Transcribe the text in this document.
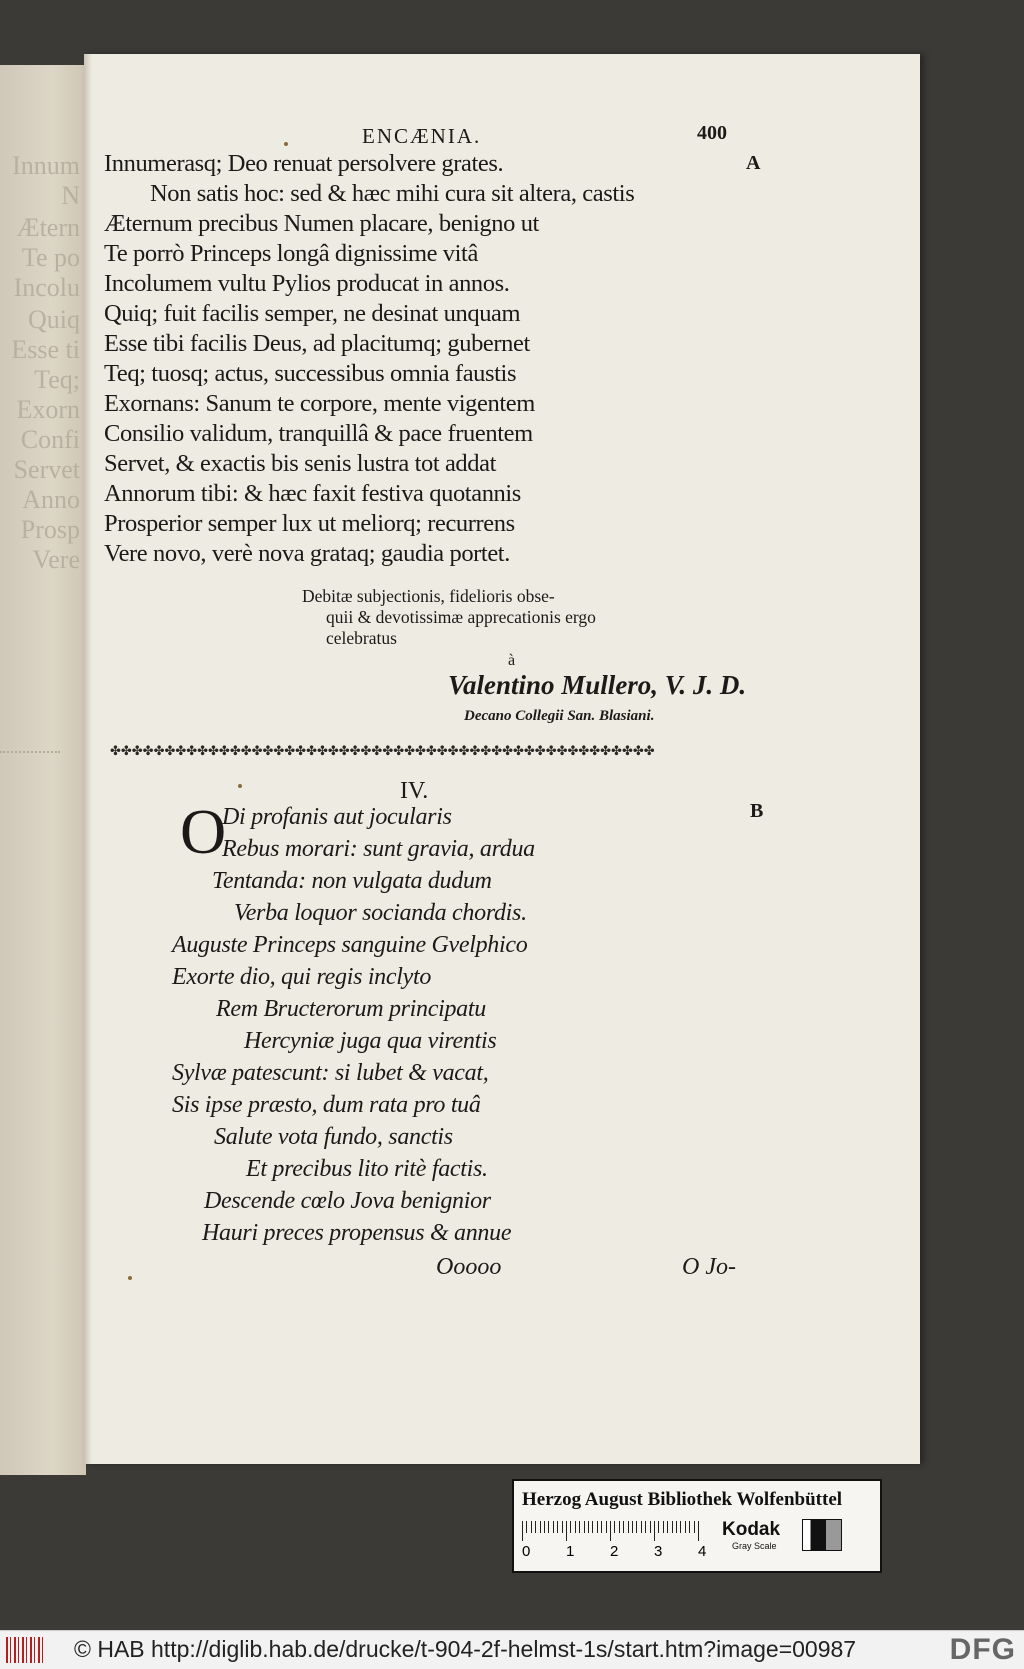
Innum
N
Ætern
Te po
Incolu
Quiq
Esse ti
Teq;
Exorn
Confi
Servet
Anno
Prosp
Vere
ENCÆNIA.	400
A
Innumerasq; Deo renuat persolvere grates.
Non satis hoc: sed & hæc mihi cura sit altera, castis
Æternum precibus Numen placare, benigno ut
Te porrò Princeps longâ dignissime vitâ
Incolumem vultu Pylios producat in annos.
Quiq; fuit facilis semper, ne desinat unquam
Esse tibi facilis Deus, ad placitumq; gubernet
Teq; tuosq; actus, successibus omnia faustis
Exornans: Sanum te corpore, mente vigentem
Consilio validum, tranquillâ & pace fruentem
Servet, & exactis bis senis lustra tot addat
Annorum tibi: & hæc faxit festiva quotannis
Prosperior semper lux ut meliorq; recurrens
Vere novo, verè nova grataq; gaudia portet.
Debitæ subjectionis, fidelioris obse-
quii & devotissimæ apprecationis ergo
celebratus
à
Valentino Mullero, V. J. D.
Decano Collegii San. Blasiani.
✤✤✤✤✤✤✤✤✤✤✤✤✤✤✤✤✤✤✤✤✤✤✤✤✤✤✤✤✤✤✤✤✤✤✤✤✤✤✤✤✤✤✤✤✤✤✤✤✤✤
IV.
B
O
Di profanis aut jocularis
Rebus morari: sunt gravia, ardua
Tentanda: non vulgata dudum
Verba loquor socianda chordis.
Auguste Princeps sanguine Gvelphico
Exorte dio, qui regis inclyto
Rem Bructerorum principatu
Hercyniæ juga qua virentis
Sylvæ patescunt: si lubet & vacat,
Sis ipse præsto, dum rata pro tuâ
Salute vota fundo, sanctis
Et precibus lito ritè factis.
Descende cœlo Jova benignior
Hauri preces propensus & annue
Ooooo	O Jo-
Herzog August Bibliothek Wolfenbüttel
0 1 2 3 4
Kodak
Gray Scale
© HAB http://diglib.hab.de/drucke/t-904-2f-helmst-1s/start.htm?image=00987	DFG
